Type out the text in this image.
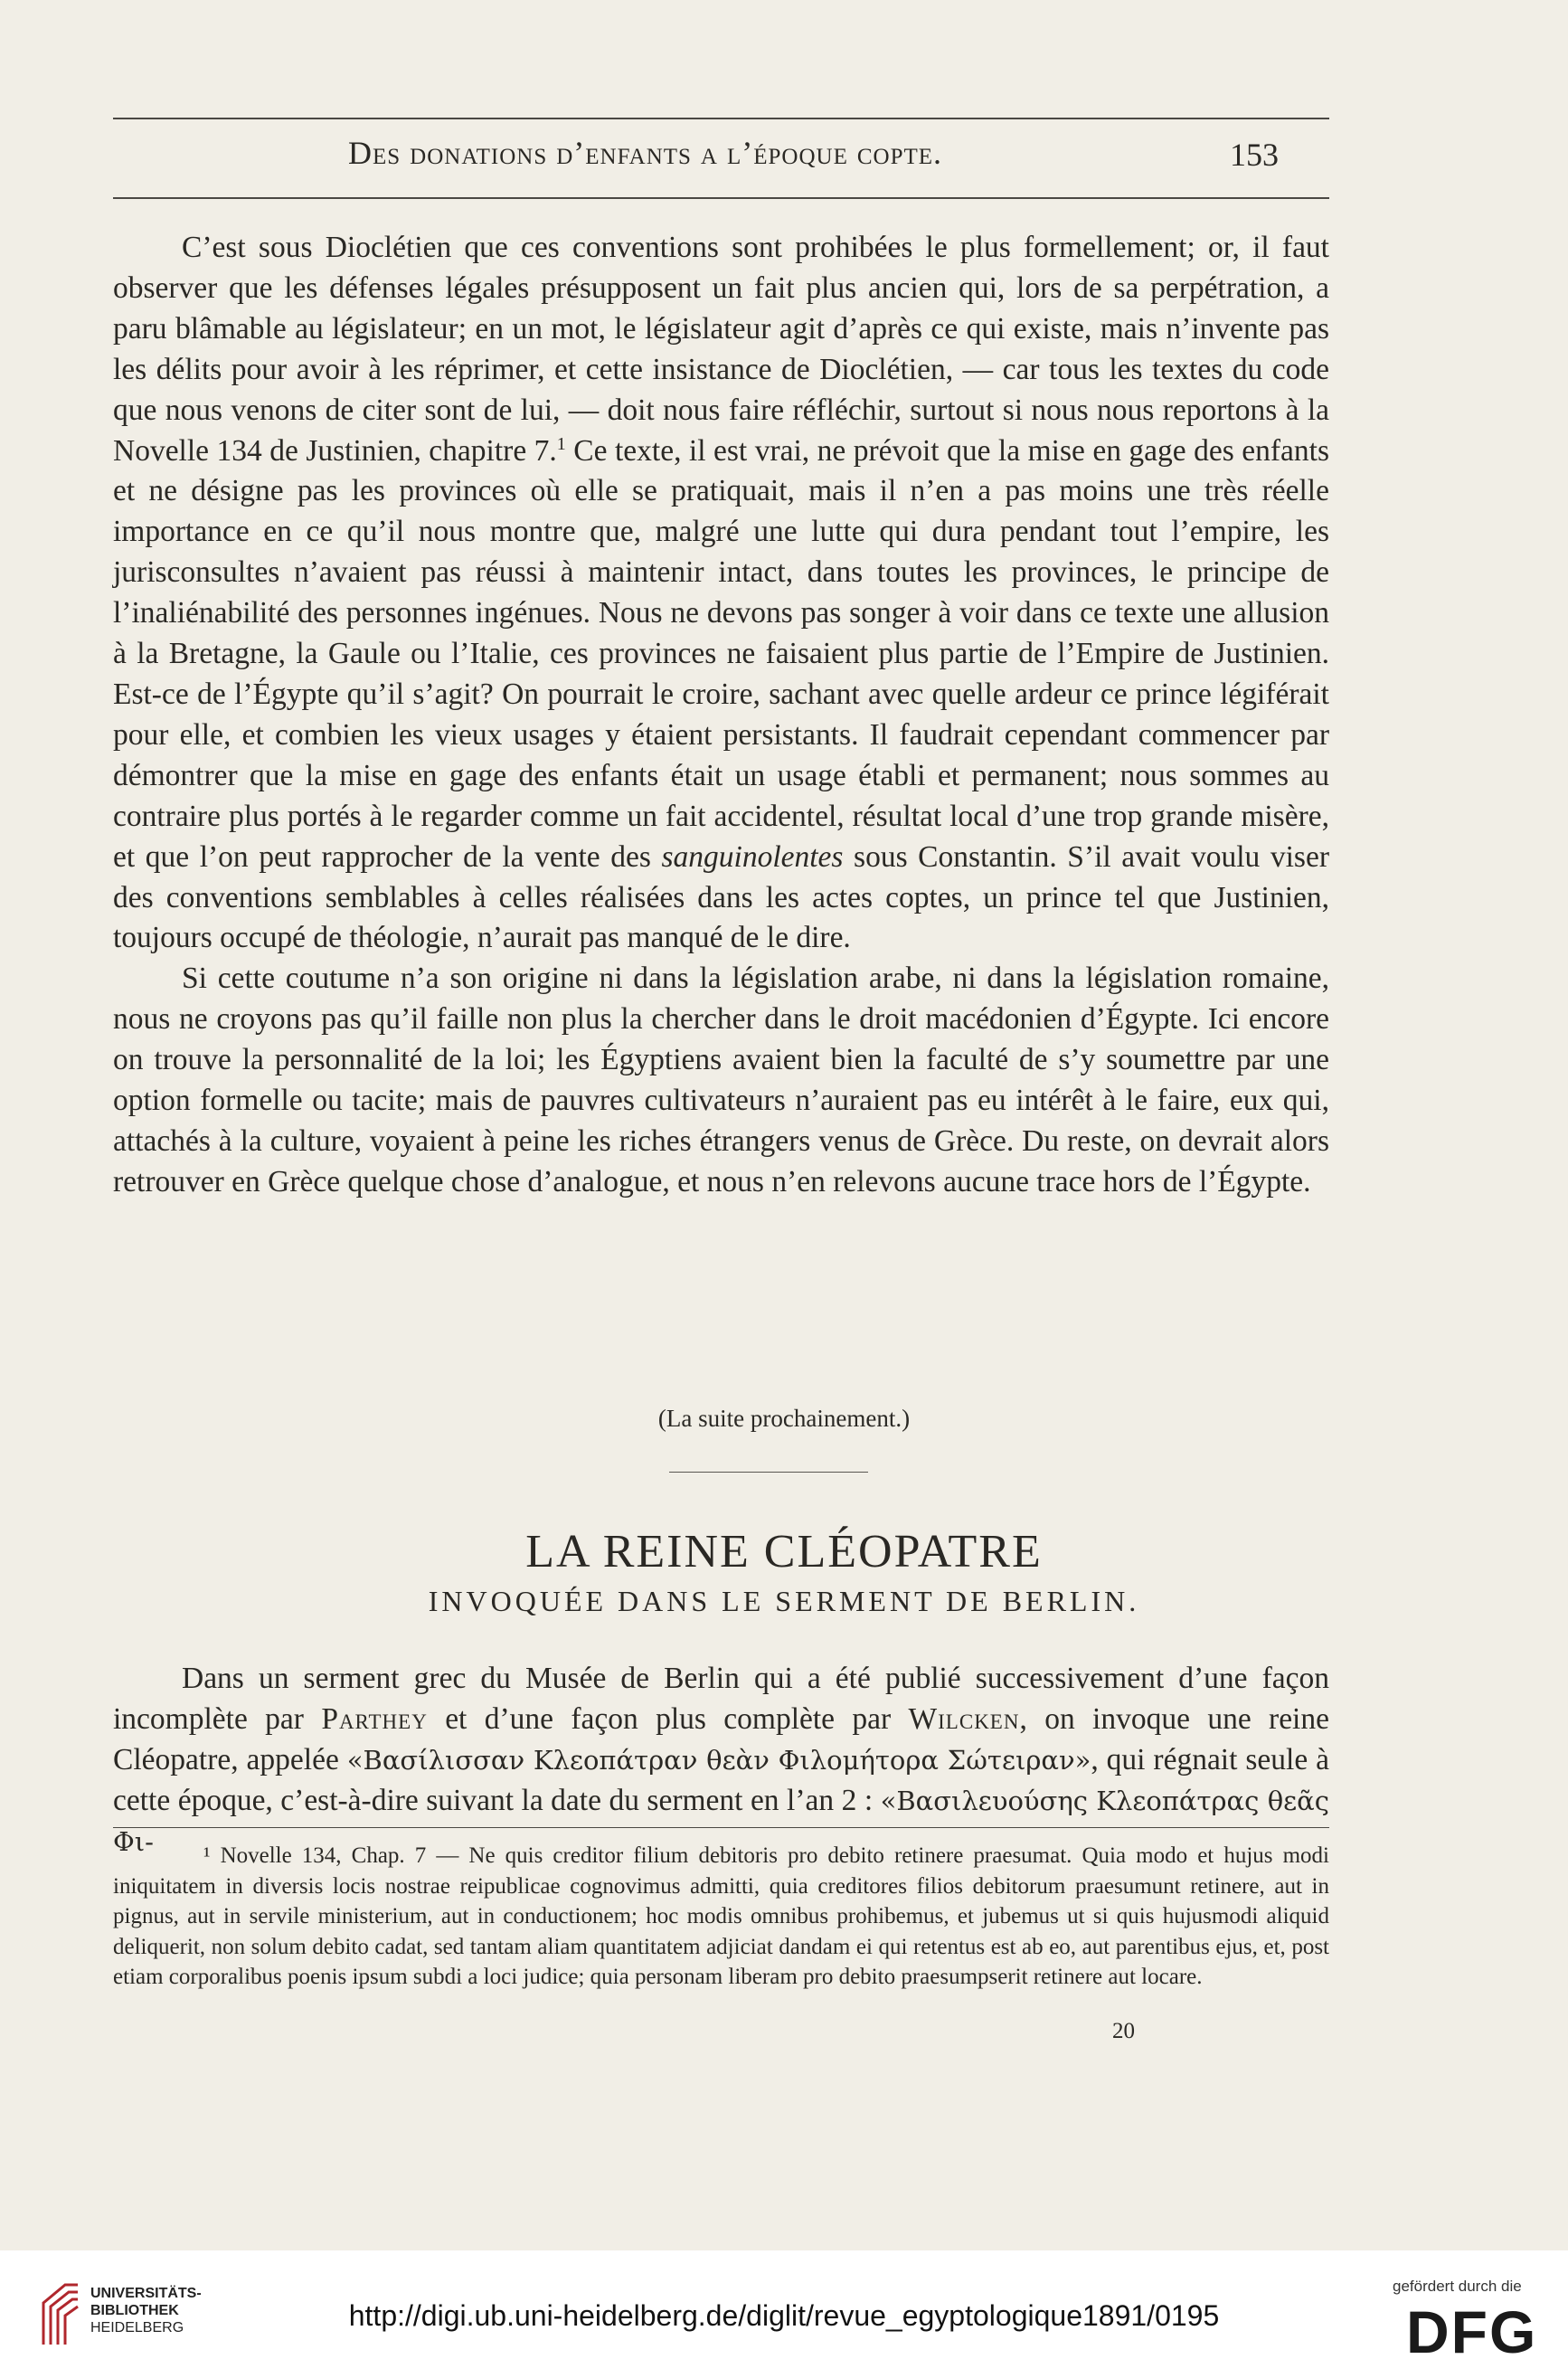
Des donations d’enfants a l’époque copte.	153

C’est sous Dioclétien que ces conventions sont prohibées le plus formellement; or, il faut observer que les défenses légales présupposent un fait plus ancien qui, lors de sa perpétration, a paru blâmable au législateur; en un mot, le législateur agit d’après ce qui existe, mais n’invente pas les délits pour avoir à les réprimer, et cette insistance de Dioclétien, — car tous les textes du code que nous venons de citer sont de lui, — doit nous faire réfléchir, surtout si nous nous reportons à la Novelle 134 de Justinien, chapitre 7.$^1$ Ce texte, il est vrai, ne prévoit que la mise en gage des enfants et ne désigne pas les provinces où elle se pratiquait, mais il n’en a pas moins une très réelle importance en ce qu’il nous montre que, malgré une lutte qui dura pendant tout l’empire, les jurisconsultes n’avaient pas réussi à maintenir intact, dans toutes les provinces, le principe de l’inaliénabilité des personnes ingénues. Nous ne devons pas songer à voir dans ce texte une allusion à la Bretagne, la Gaule ou l’Italie, ces provinces ne faisaient plus partie de l’Empire de Justinien. Est-ce de l’Égypte qu’il s’agit? On pourrait le croire, sachant avec quelle ardeur ce prince légiférait pour elle, et combien les vieux usages y étaient persistants. Il faudrait cependant commencer par démontrer que la mise en gage des enfants était un usage établi et permanent; nous sommes au contraire plus portés à le regarder comme un fait accidentel, résultat local d’une trop grande misère, et que l’on peut rapprocher de la vente des sanguinolentes sous Constantin. S’il avait voulu viser des conventions semblables à celles réalisées dans les actes coptes, un prince tel que Justinien, toujours occupé de théologie, n’aurait pas manqué de le dire.

Si cette coutume n’a son origine ni dans la législation arabe, ni dans la législation romaine, nous ne croyons pas qu’il faille non plus la chercher dans le droit macédonien d’Égypte. Ici encore on trouve la personnalité de la loi; les Égyptiens avaient bien la faculté de s’y soumettre par une option formelle ou tacite; mais de pauvres cultivateurs n’auraient pas eu intérêt à le faire, eux qui, attachés à la culture, voyaient à peine les riches étrangers venus de Grèce. Du reste, on devrait alors retrouver en Grèce quelque chose d’analogue, et nous n’en relevons aucune trace hors de l’Égypte.

(La suite prochainement.)
LA REINE CLÉOPATRE
INVOQUÉE DANS LE SERMENT DE BERLIN.

Dans un serment grec du Musée de Berlin qui a été publié successivement d’une façon incomplète par Parthey et d’une façon plus complète par Wilcken, on invoque une reine Cléopatre, appelée «Βασίλισσαν Κλεοπάτραν θεὰν Φιλομήτορα Σώτειραν», qui régnait seule à cette époque, c’est-à-dire suivant la date du serment en l’an 2 : «Βασιλευούσης Κλεοπάτρας θεᾶς Φι-	¹ Novelle 134, Chap. 7 — Ne quis creditor filium debitoris pro debito retinere praesumat. Quia modo et hujus modi iniquitatem in diversis locis nostrae reipublicae cognovimus admitti, quia creditores filios debitorum praesumunt retinere, aut in pignus, aut in servile ministerium, aut in conductionem; hoc modis omnibus prohibemus, et jubemus ut si quis hujusmodi aliquid deliquerit, non solum debito cadat, sed tantam aliam quantitatem adjiciat dandam ei qui retentus est ab eo, aut parentibus ejus, et, post etiam corporalibus poenis ipsum subdi a loci judice; quia personam liberam pro debito praesumpserit retinere aut locare.
20
UNIVERSITÄTS-
BIBLIOTHEK
HEIDELBERG	http://digi.ub.uni-heidelberg.de/diglit/revue_egyptologique1891/0195
gefördert durch die
DFG
